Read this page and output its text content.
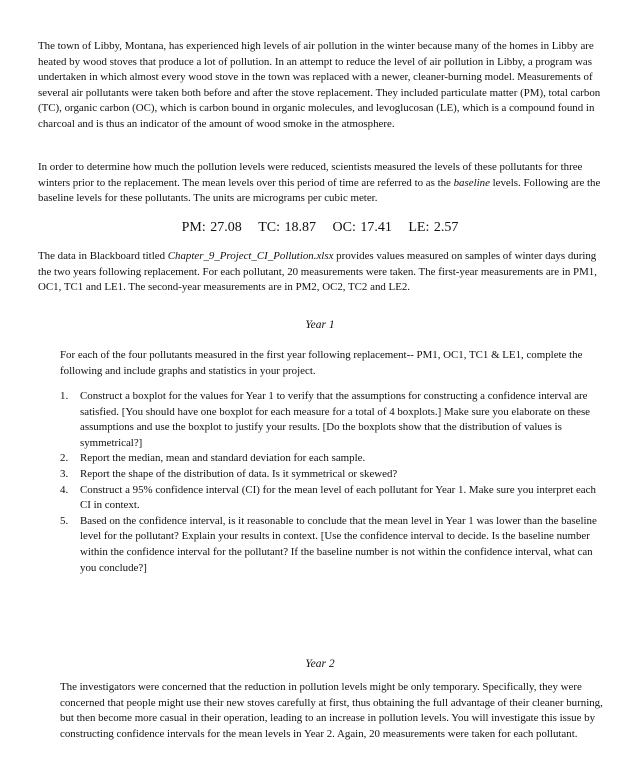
The town of Libby, Montana, has experienced high levels of air pollution in the winter because many of the homes in Libby are heated by wood stoves that produce a lot of pollution. In an attempt to reduce the level of air pollution in Libby, a program was undertaken in which almost every wood stove in the town was replaced with a newer, cleaner-burning model. Measurements of several air pollutants were taken both before and after the stove replacement. They included particulate matter (PM), total carbon (TC), organic carbon (OC), which is carbon bound in organic molecules, and levoglucosan (LE), which is a compound found in charcoal and is thus an indicator of the amount of wood smoke in the atmosphere.

In order to determine how much the pollution levels were reduced, scientists measured the levels of these pollutants for three winters prior to the replacement. The mean levels over this period of time are referred to as the baseline levels. Following are the baseline levels for these pollutants. The units are micrograms per cubic meter.

PM: 27.08 TC: 18.87 OC: 17.41 LE: 2.57

The data in Blackboard titled Chapter_9_Project_CI_Pollution.xlsx provides values measured on samples of winter days during the two years following replacement. For each pollutant, 20 measurements were taken. The first-year measurements are in PM1, OC1, TC1 and LE1. The second-year measurements are in PM2, OC2, TC2 and LE2.

Year 1

For each of the four pollutants measured in the first year following replacement-- PM1, OC1, TC1 & LE1, complete the following and include graphs and statistics in your project.

1. Construct a boxplot for the values for Year 1 to verify that the assumptions for constructing a confidence interval are satisfied. [You should have one boxplot for each measure for a total of 4 boxplots.] Make sure you elaborate on these assumptions and use the boxplot to justify your results. [Do the boxplots show that the distribution of values is symmetrical?]
2. Report the median, mean and standard deviation for each sample.
3. Report the shape of the distribution of data. Is it symmetrical or skewed?
4. Construct a 95% confidence interval (CI) for the mean level of each pollutant for Year 1. Make sure you interpret each CI in context.
5. Based on the confidence interval, is it reasonable to conclude that the mean level in Year 1 was lower than the baseline level for the pollutant? Explain your results in context. [Use the confidence interval to decide. Is the baseline number within the confidence interval for the pollutant? If the baseline number is not within the confidence interval, what can you conclude?]
Year 2

The investigators were concerned that the reduction in pollution levels might be only temporary. Specifically, they were concerned that people might use their new stoves carefully at first, thus obtaining the full advantage of their cleaner burning, but then become more casual in their operation, leading to an increase in pollution levels. You will investigate this issue by constructing confidence intervals for the mean levels in Year 2. Again, 20 measurements were taken for each pollutant.
